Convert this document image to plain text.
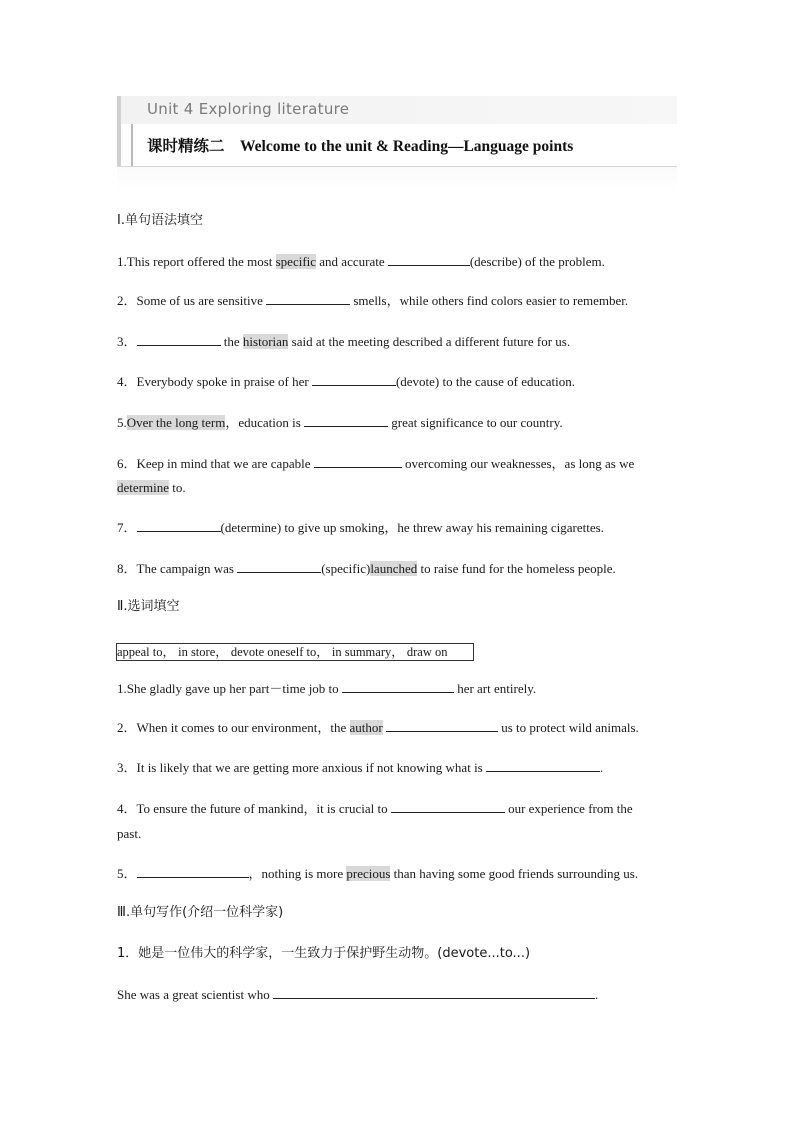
Unit 4 Exploring literature
课时精练二　Welcome to the unit & Reading—Language points
Ⅰ.单句语法填空
1.This report offered the most specific and accurate	(describe) of the problem.
2．Some of us are sensitive	smells，while others find colors easier to remember.
3．	the historian said at the meeting described a different future for us.
4．Everybody spoke in praise of her	(devote) to the cause of education.
5.Over the long term，education is	great significance to our country.
6．Keep in mind that we are capable	overcoming our weaknesses，as long as we
determine to.
7．	(determine) to give up smoking，he threw away his remaining cigarettes.
8．The campaign was	(specific)launched to raise fund for the homeless people.
Ⅱ.选词填空
appeal to， in store， devote oneself to， in summary， draw on
1.She gladly gave up her part－time job to	her art entirely.
2．When it comes to our environment，the author	us to protect wild animals.
3．It is likely that we are getting more anxious if not knowing what is	.
4．To ensure the future of mankind，it is crucial to	our experience from the
past.
5．	，nothing is more precious than having some good friends surrounding us.
Ⅲ.单句写作(介绍一位科学家)
1．她是一位伟大的科学家，一生致力于保护野生动物。(devote...to...)
She was a great scientist who	.
